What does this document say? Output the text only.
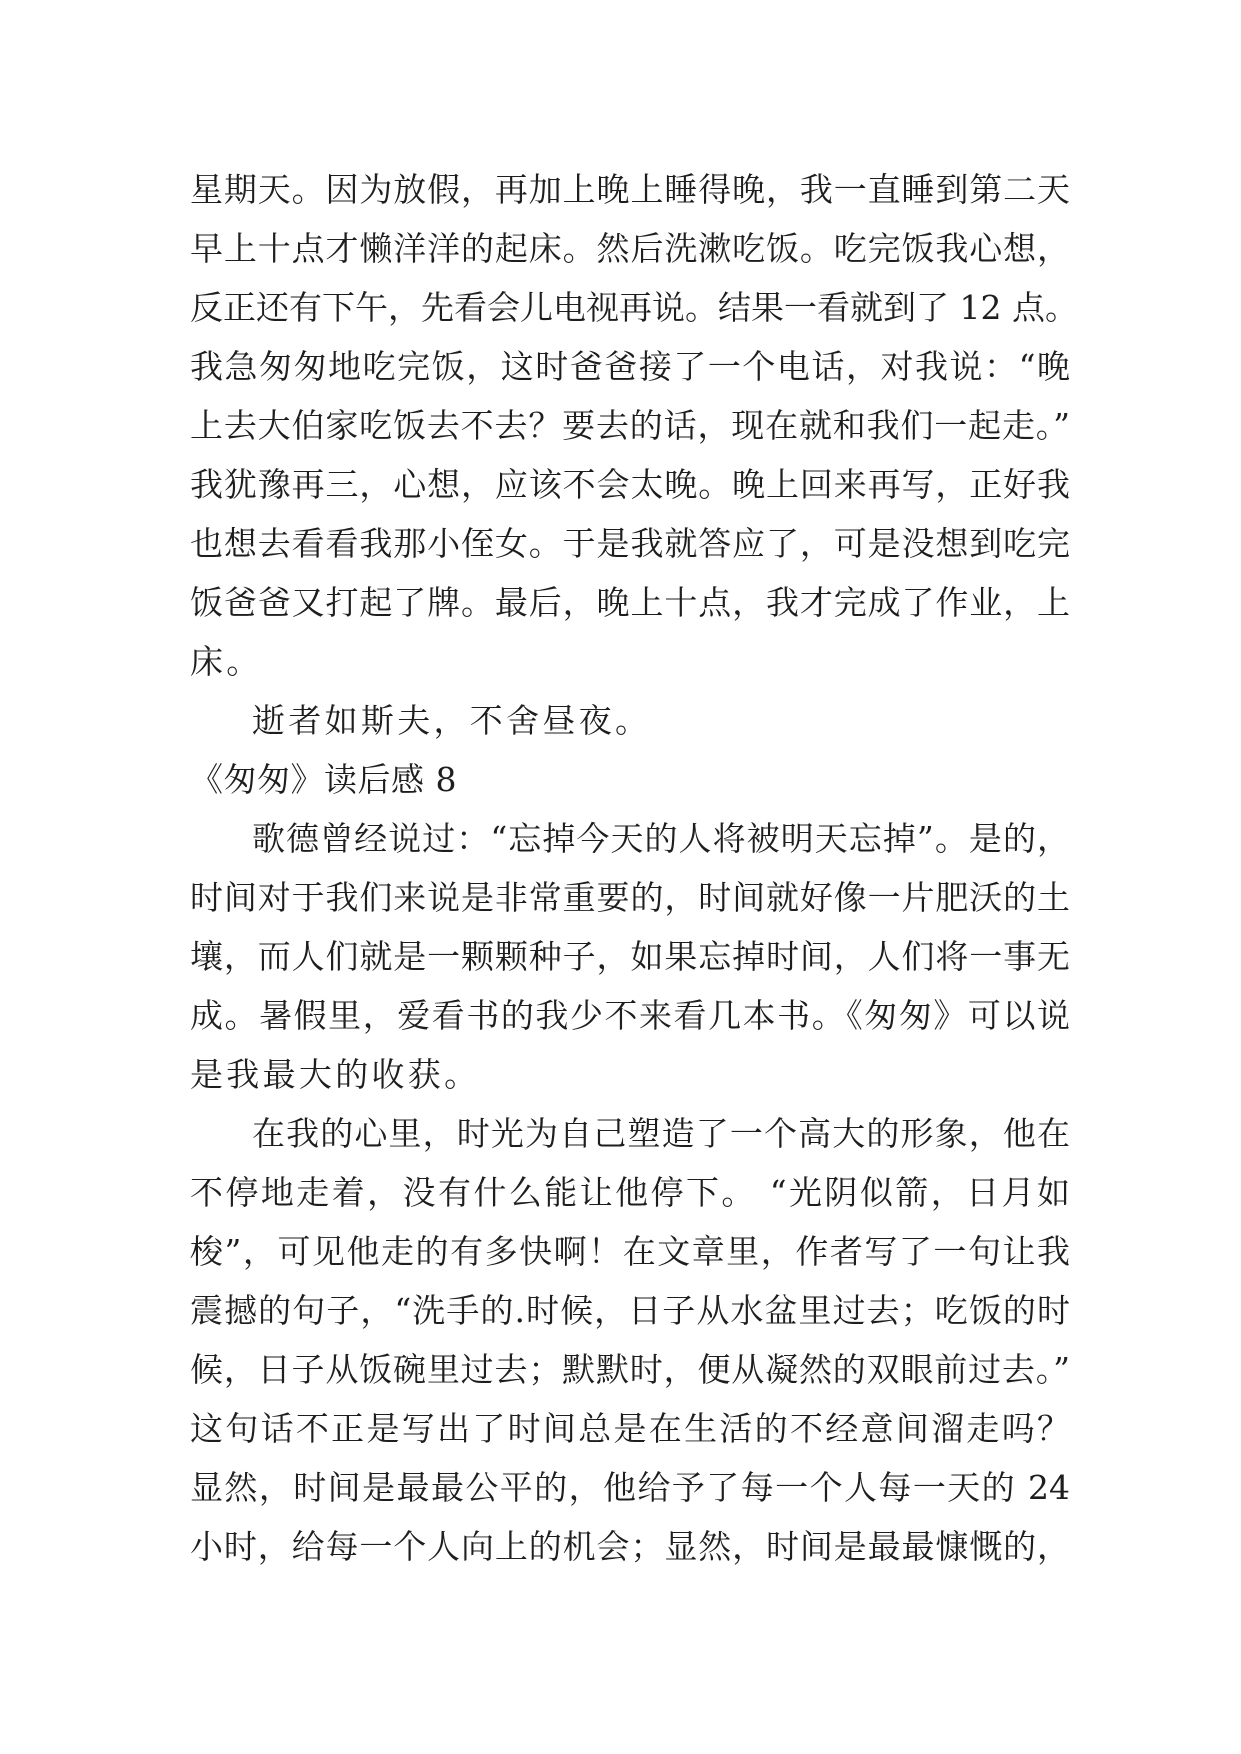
星期天。因为放假，再加上晚上睡得晚，我一直睡到第二天
早上十点才懒洋洋的起床。然后洗漱吃饭。吃完饭我心想，
反正还有下午，先看会儿电视再说。结果一看就到了 12 点。
我急匆匆地吃完饭，这时爸爸接了一个电话，对我说：“晚
上去大伯家吃饭去不去？要去的话，现在就和我们一起走。”
我犹豫再三，心想，应该不会太晚。晚上回来再写，正好我
也想去看看我那小侄女。于是我就答应了，可是没想到吃完
饭爸爸又打起了牌。最后，晚上十点，我才完成了作业，上
床。
逝者如斯夫，不舍昼夜。
《匆匆》读后感 8
歌德曾经说过：“忘掉今天的人将被明天忘掉”。是的，
时间对于我们来说是非常重要的，时间就好像一片肥沃的土
壤，而人们就是一颗颗种子，如果忘掉时间，人们将一事无
成。暑假里，爱看书的我少不来看几本书。《匆匆》可以说
是我最大的收获。
在我的心里，时光为自己塑造了一个高大的形象，他在
不停地走着，没有什么能让他停下。 “光阴似箭，日月如
梭”，可见他走的有多快啊！在文章里，作者写了一句让我
震撼的句子，“洗手的.时候，日子从水盆里过去；吃饭的时
候，日子从饭碗里过去；默默时，便从凝然的双眼前过去。”
这句话不正是写出了时间总是在生活的不经意间溜走吗？
显然，时间是最最公平的，他给予了每一个人每一天的 24
小时，给每一个人向上的机会；显然，时间是最最慷慨的，
